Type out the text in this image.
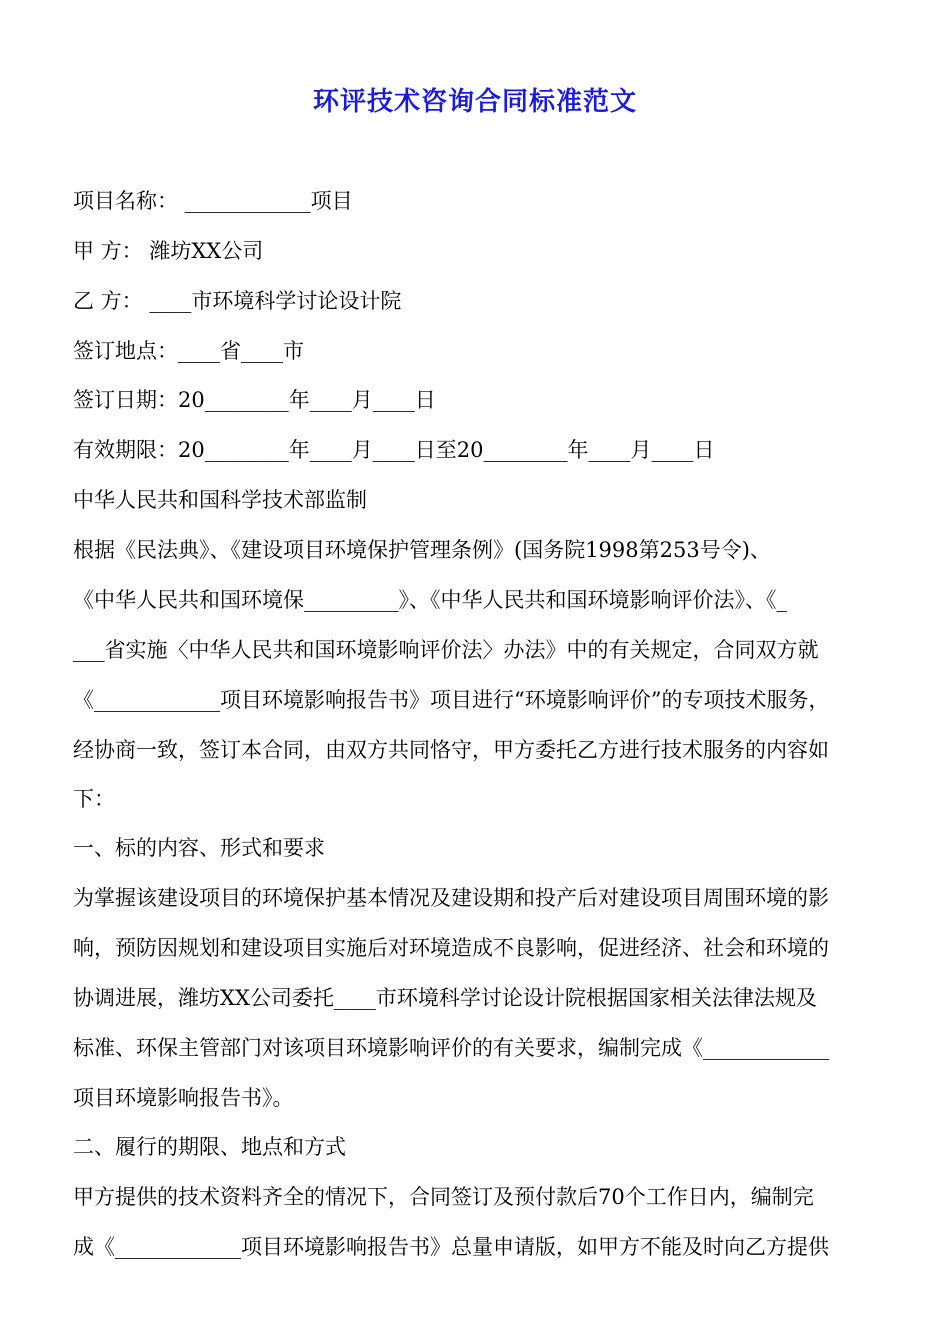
环评技术咨询合同标准范文
项目名称： ____________项目
甲 方： 潍坊XX公司
乙 方： ____市环境科学讨论设计院
签订地点：____省____市
签订日期：20________年____月____日
有效期限：20________年____月____日至20________年____月____日
中华人民共和国科学技术部监制
根据《民法典》、《建设项目环境保护管理条例》(国务院1998第253号令)、
《中华人民共和国环境保_________》、《中华人民共和国环境影响评价法》、《_
___省实施〈中华人民共和国环境影响评价法〉办法》中的有关规定，合同双方就
《____________项目环境影响报告书》项目进行“环境影响评价”的专项技术服务，
经协商一致，签订本合同，由双方共同恪守，甲方委托乙方进行技术服务的内容如
下：
一、标的内容、形式和要求
为掌握该建设项目的环境保护基本情况及建设期和投产后对建设项目周围环境的影
响，预防因规划和建设项目实施后对环境造成不良影响，促进经济、社会和环境的
协调进展，潍坊XX公司委托____市环境科学讨论设计院根据国家相关法律法规及
标准、环保主管部门对该项目环境影响评价的有关要求，编制完成《____________
项目环境影响报告书》。
二、履行的期限、地点和方式
甲方提供的技术资料齐全的情况下，合同签订及预付款后70个工作日内，编制完
成《____________项目环境影响报告书》总量申请版，如甲方不能及时向乙方提供
